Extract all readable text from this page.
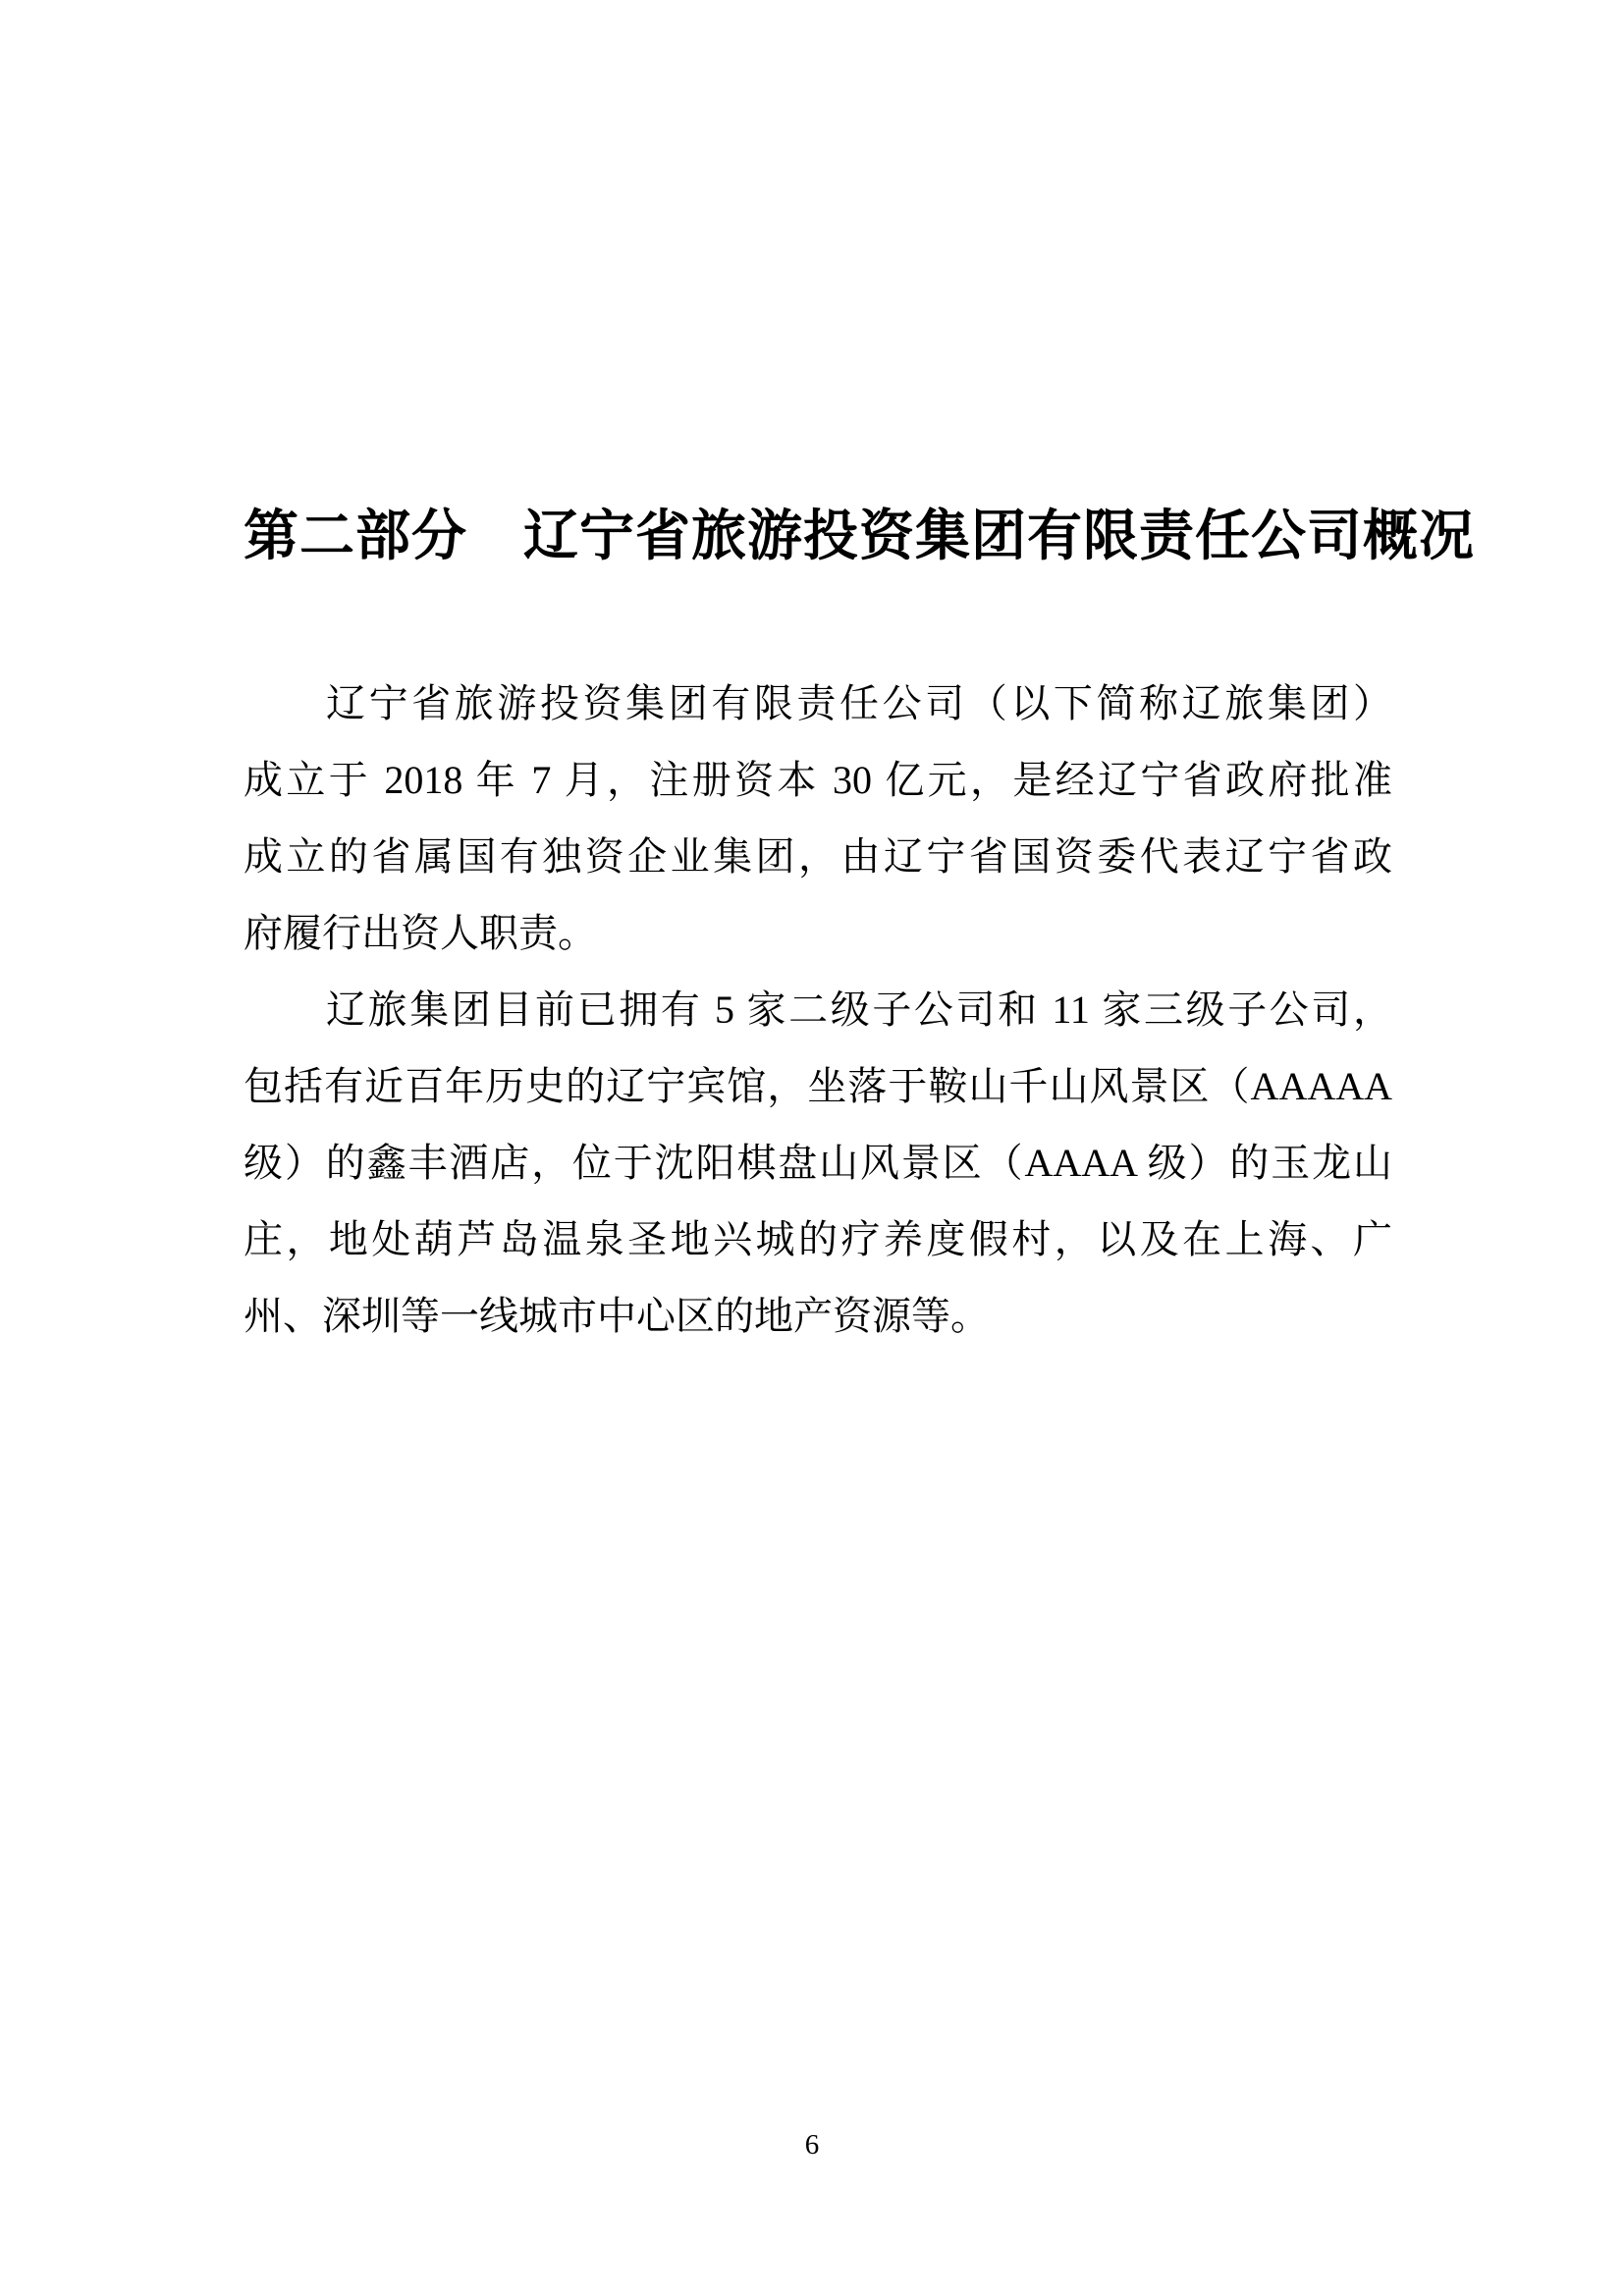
第二部分　辽宁省旅游投资集团有限责任公司概况
辽宁省旅游投资集团有限责任公司（以下简称辽旅集团）
成立于 2018 年 7 月，注册资本 30 亿元，是经辽宁省政府批准
成立的省属国有独资企业集团，由辽宁省国资委代表辽宁省政
府履行出资人职责。
辽旅集团目前已拥有 5 家二级子公司和 11 家三级子公司，
包括有近百年历史的辽宁宾馆，坐落于鞍山千山风景区（AAAAA
级）的鑫丰酒店，位于沈阳棋盘山风景区（AAAA 级）的玉龙山
庄，地处葫芦岛温泉圣地兴城的疗养度假村，以及在上海、广
州、深圳等一线城市中心区的地产资源等。
6
